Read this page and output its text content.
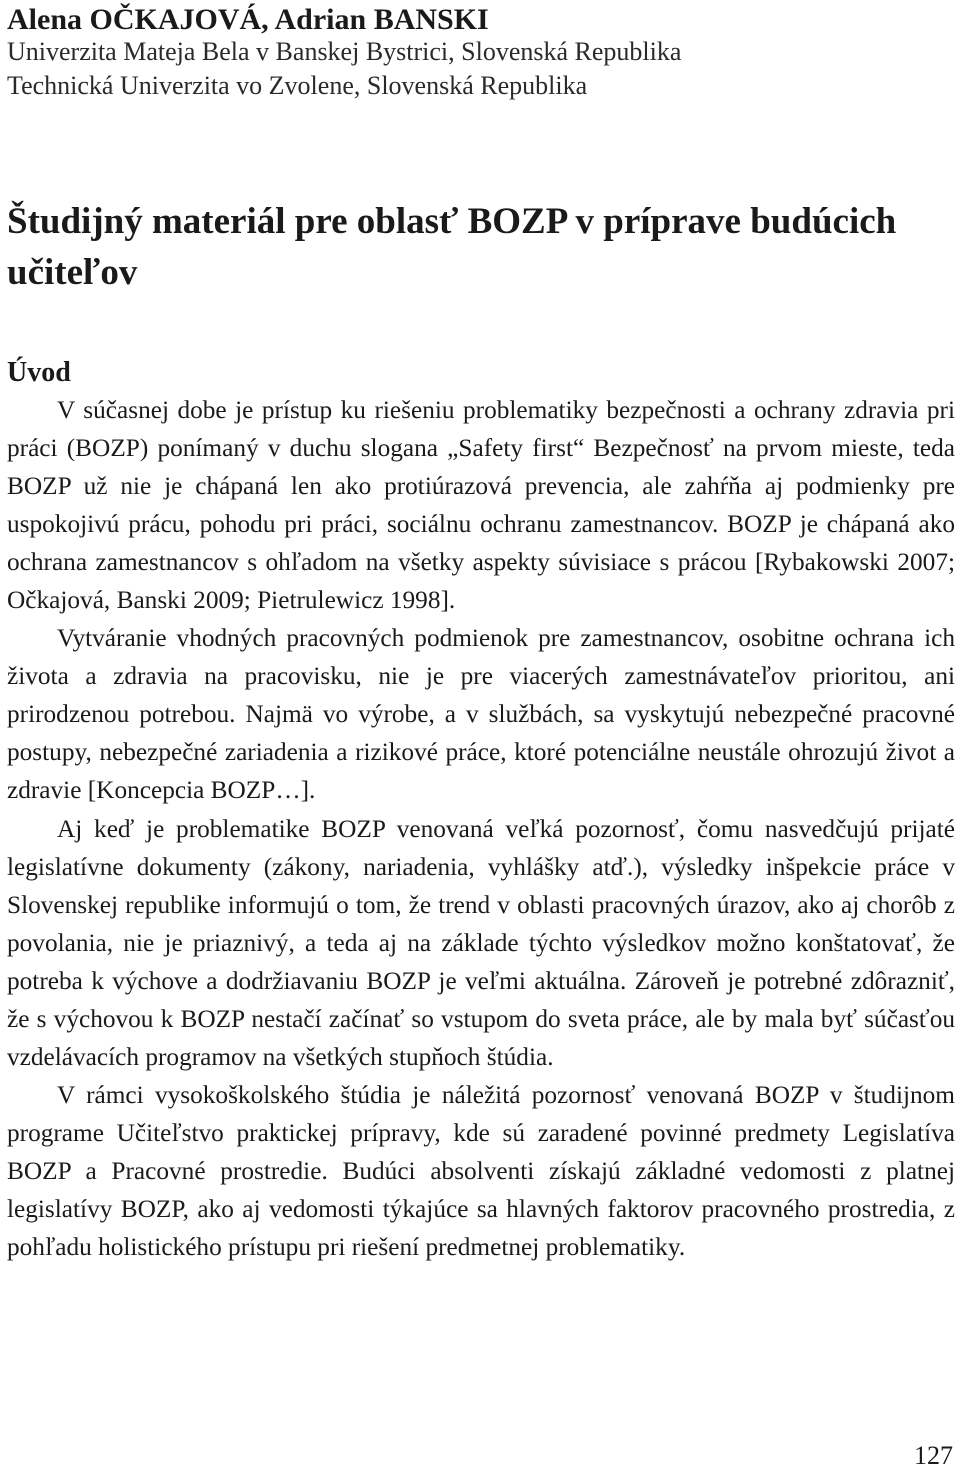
Alena OČKAJOVÁ, Adrian BANSKI
Univerzita Mateja Bela v Banskej Bystrici, Slovenská Republika
Technická Univerzita vo Zvolene, Slovenská Republika
Študijný materiál pre oblasť BOZP v príprave budúcich učiteľov
Úvod

V súčasnej dobe je prístup ku riešeniu problematiky bezpečnosti a ochrany zdravia pri práci (BOZP) ponímaný v duchu slogana „Safety first“ Bezpečnosť na prvom mieste, teda BOZP už nie je chápaná len ako protiúrazová prevencia, ale zahŕňa aj podmienky pre uspokojivú prácu, pohodu pri práci, sociálnu ochranu zamestnancov. BOZP je chápaná ako ochrana zamestnancov s ohľadom na všetky aspekty súvisiace s prácou [Rybakowski 2007; Očkajová, Banski 2009; Pietrulewicz 1998].

Vytváranie vhodných pracovných podmienok pre zamestnancov, osobitne ochrana ich života a zdravia na pracovisku, nie je pre viacerých zamestnávateľov prioritou, ani prirodzenou potrebou. Najmä vo výrobe, a v službách, sa vyskytujú nebezpečné pracovné postupy, nebezpečné zariadenia a rizikové práce, ktoré potenciálne neustále ohrozujú život a zdravie [Koncepcia BOZP…].

Aj keď je problematike BOZP venovaná veľká pozornosť, čomu nasvedčujú prijaté legislatívne dokumenty (zákony, nariadenia, vyhlášky atď.), výsledky inšpekcie práce v Slovenskej republike informujú o tom, že trend v oblasti pracovných úrazov, ako aj chorôb z povolania, nie je priaznivý, a teda aj na základe týchto výsledkov možno konštatovať, že potreba k výchove a dodržiavaniu BOZP je veľmi aktuálna. Zároveň je potrebné zdôrazniť, že s výchovou k BOZP nestačí začínať so vstupom do sveta práce, ale by mala byť súčasťou vzdelávacích programov na všetkých stupňoch štúdia.

V rámci vysokoškolského štúdia je náležitá pozornosť venovaná BOZP v študijnom programe Učiteľstvo praktickej prípravy, kde sú zaradené povinné predmety Legislatíva BOZP a Pracovné prostredie. Budúci absolventi získajú základné vedomosti z platnej legislatívy BOZP, ako aj vedomosti týkajúce sa hlavných faktorov pracovného prostredia, z pohľadu holistického prístupu pri riešení predmetnej problematiky.

127
